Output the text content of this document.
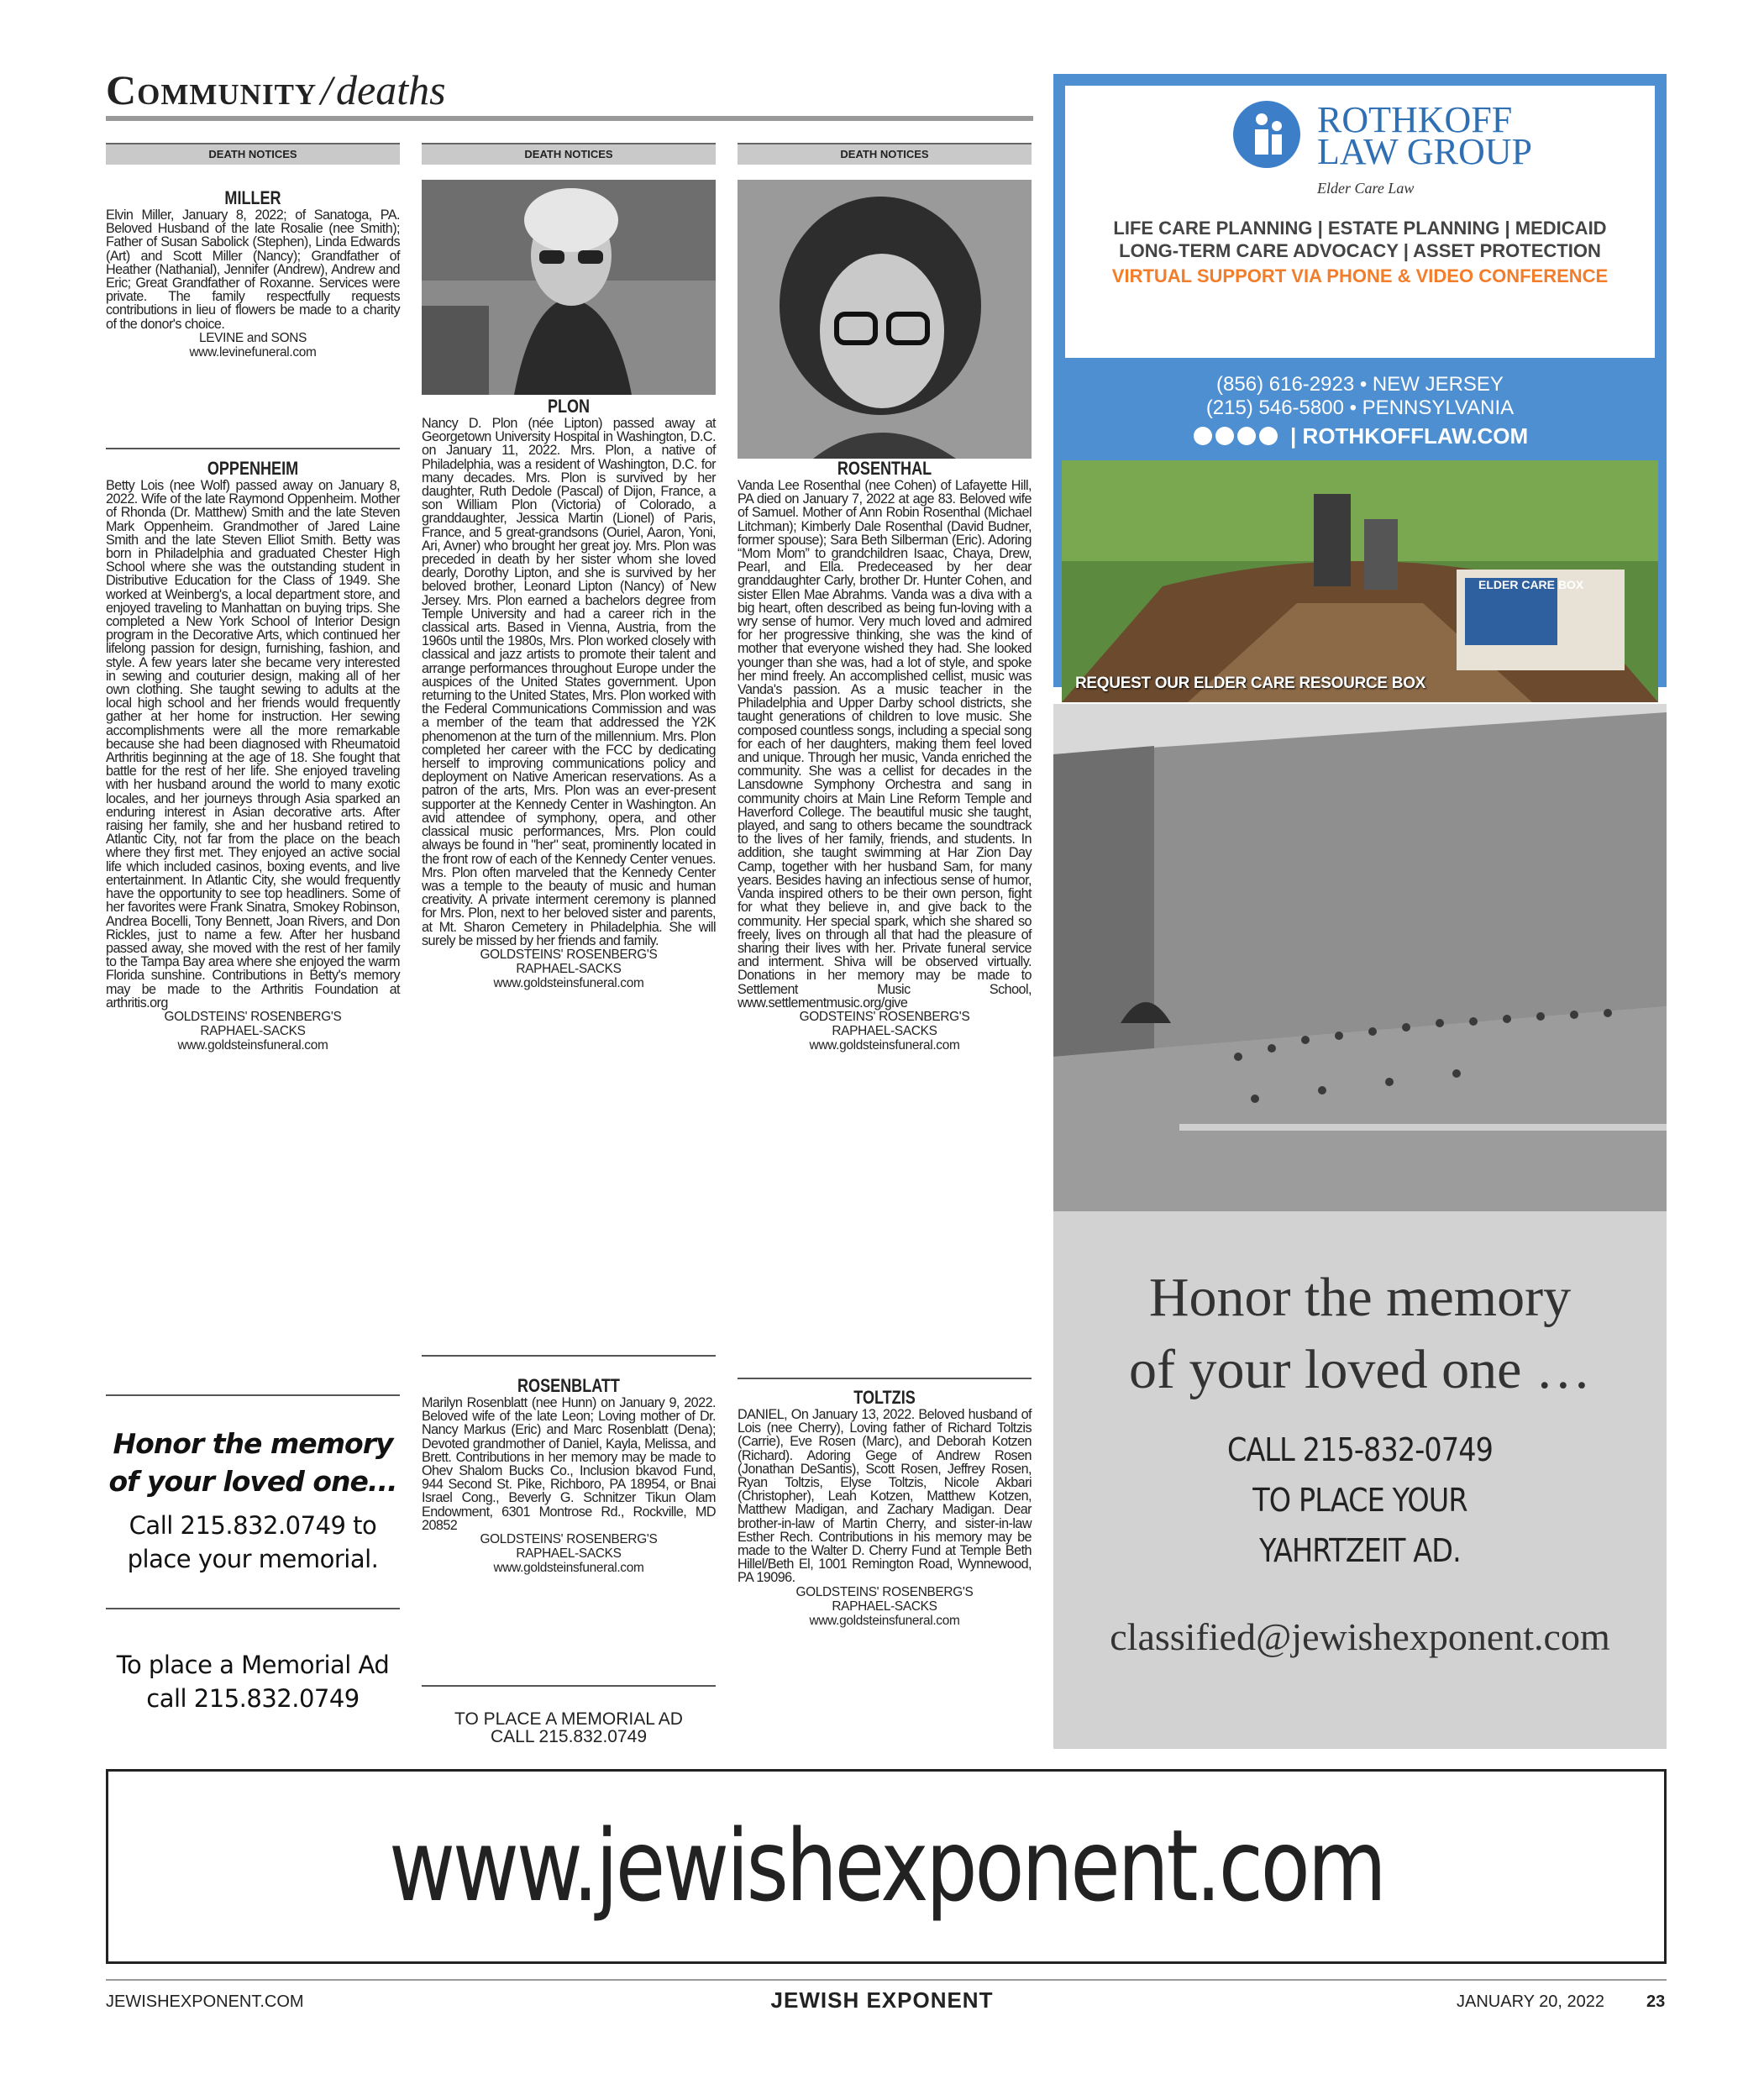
Community / deaths
DEATH NOTICES	DEATH NOTICES	DEATH NOTICES
MILLER
Elvin Miller, January 8, 2022; of Sanatoga, PA. Beloved Husband of the late Rosalie (nee Smith); Father of Susan Sabolick (Stephen), Linda Edwards (Art) and Scott Miller (Nancy); Grandfather of Heather (Nathanial), Jennifer (Andrew), Andrew and Eric; Great Grandfather of Roxanne. Services were private. The family respectfully requests contributions in lieu of flowers be made to a charity of the donor's choice.
LEVINE and SONS
www.levinefuneral.com
OPPENHEIM
Betty Lois (nee Wolf) passed away on January 8, 2022. Wife of the late Raymond Oppenheim. Mother of Rhonda (Dr. Matthew) Smith and the late Steven Mark Oppenheim. Grandmother of Jared Laine Smith and the late Steven Elliot Smith. Betty was born in Philadelphia and graduated Chester High School where she was the outstanding student in Distributive Education for the Class of 1949. She worked at Weinberg's, a local department store, and enjoyed traveling to Manhattan on buying trips. She completed a New York School of Interior Design program in the Decorative Arts, which continued her lifelong passion for design, furnishing, fashion, and style. A few years later she became very interested in sewing and couturier design, making all of her own clothing. She taught sewing to adults at the local high school and her friends would frequently gather at her home for instruction. Her sewing accomplishments were all the more remarkable because she had been diagnosed with Rheumatoid Arthritis beginning at the age of 18. She fought that battle for the rest of her life. She enjoyed traveling with her husband around the world to many exotic locales, and her journeys through Asia sparked an enduring interest in Asian decorative arts. After raising her family, she and her husband retired to Atlantic City, not far from the place on the beach where they first met. They enjoyed an active social life which included casinos, boxing events, and live entertainment. In Atlantic City, she would frequently have the opportunity to see top headliners. Some of her favorites were Frank Sinatra, Smokey Robinson, Andrea Bocelli, Tony Bennett, Joan Rivers, and Don Rickles, just to name a few. After her husband passed away, she moved with the rest of her family to the Tampa Bay area where she enjoyed the warm Florida sunshine. Contributions in Betty's memory may be made to the Arthritis Foundation at arthritis.org
GOLDSTEINS' ROSENBERG'S
RAPHAEL-SACKS
www.goldsteinsfuneral.com
Honor the memory
of your loved one...
Call 215.832.0749 to
place your memorial.
To place a Memorial Ad
call 215.832.0749
PLON
Nancy D. Plon (née Lipton) passed away at Georgetown University Hospital in Washington, D.C. on January 11, 2022. Mrs. Plon, a native of Philadelphia, was a resident of Washington, D.C. for many decades. Mrs. Plon is survived by her daughter, Ruth Dedole (Pascal) of Dijon, France, a son William Plon (Victoria) of Colorado, a granddaughter, Jessica Martin (Lionel) of Paris, France, and 5 great-grandsons (Ouriel, Aaron, Yoni, Ari, Avner) who brought her great joy. Mrs. Plon was preceded in death by her sister whom she loved dearly, Dorothy Lipton, and she is survived by her beloved brother, Leonard Lipton (Nancy) of New Jersey. Mrs. Plon earned a bachelors degree from Temple University and had a career rich in the classical arts. Based in Vienna, Austria, from the 1960s until the 1980s, Mrs. Plon worked closely with classical and jazz artists to promote their talent and arrange performances throughout Europe under the auspices of the United States government. Upon returning to the United States, Mrs. Plon worked with the Federal Communications Commission and was a member of the team that addressed the Y2K phenomenon at the turn of the millennium. Mrs. Plon completed her career with the FCC by dedicating herself to improving communications policy and deployment on Native American reservations. As a patron of the arts, Mrs. Plon was an ever-present supporter at the Kennedy Center in Washington. An avid attendee of symphony, opera, and other classical music performances, Mrs. Plon could always be found in "her" seat, prominently located in the front row of each of the Kennedy Center venues. Mrs. Plon often marveled that the Kennedy Center was a temple to the beauty of music and human creativity. A private interment ceremony is planned for Mrs. Plon, next to her beloved sister and parents, at Mt. Sharon Cemetery in Philadelphia. She will surely be missed by her friends and family.
GOLDSTEINS' ROSENBERG'S
RAPHAEL-SACKS
www.goldsteinsfuneral.com
ROSENBLATT
Marilyn Rosenblatt (nee Hunn) on January 9, 2022. Beloved wife of the late Leon; Loving mother of Dr. Nancy Markus (Eric) and Marc Rosenblatt (Dena); Devoted grandmother of Daniel, Kayla, Melissa, and Brett. Contributions in her memory may be made to Ohev Shalom Bucks Co., Inclusion bkavod Fund, 944 Second St. Pike, Richboro, PA 18954, or Bnai Israel Cong., Beverly G. Schnitzer Tikun Olam Endowment, 6301 Montrose Rd., Rockville, MD 20852
GOLDSTEINS' ROSENBERG'S
RAPHAEL-SACKS
www.goldsteinsfuneral.com
TO PLACE A MEMORIAL AD
CALL 215.832.0749
ROSENTHAL
Vanda Lee Rosenthal (nee Cohen) of Lafayette Hill, PA died on January 7, 2022 at age 83. Beloved wife of Samuel. Mother of Ann Robin Rosenthal (Michael Litchman); Kimberly Dale Rosenthal (David Budner, former spouse); Sara Beth Silberman (Eric). Adoring “Mom Mom” to grandchildren Isaac, Chaya, Drew, Pearl, and Ella. Predeceased by her dear granddaughter Carly, brother Dr. Hunter Cohen, and sister Ellen Mae Abrahms. Vanda was a diva with a big heart, often described as being fun-loving with a wry sense of humor. Very much loved and admired for her progressive thinking, she was the kind of mother that everyone wished they had. She looked younger than she was, had a lot of style, and spoke her mind freely. An accomplished cellist, music was Vanda's passion. As a music teacher in the Philadelphia and Upper Darby school districts, she taught generations of children to love music. She composed countless songs, including a special song for each of her daughters, making them feel loved and unique. Through her music, Vanda enriched the community. She was a cellist for decades in the Lansdowne Symphony Orchestra and sang in community choirs at Main Line Reform Temple and Haverford College. The beautiful music she taught, played, and sang to others became the soundtrack to the lives of her family, friends, and students. In addition, she taught swimming at Har Zion Day Camp, together with her husband Sam, for many years. Besides having an infectious sense of humor, Vanda inspired others to be their own person, fight for what they believe in, and give back to the community. Her special spark, which she shared so freely, lives on through all that had the pleasure of sharing their lives with her. Private funeral service and interment. Shiva will be observed virtually. Donations in her memory may be made to Settlement Music School, www.settlementmusic.org/give
GODSTEINS' ROSENBERG'S
RAPHAEL-SACKS
www.goldsteinsfuneral.com
TOLTZIS
DANIEL, On January 13, 2022. Beloved husband of Lois (nee Cherry), Loving father of Richard Toltzis (Carrie), Eve Rosen (Marc), and Deborah Kotzen (Richard). Adoring Gege of Andrew Rosen (Jonathan DeSantis), Scott Rosen, Jeffrey Rosen, Ryan Toltzis, Elyse Toltzis, Nicole Akbari (Christopher), Leah Kotzen, Matthew Kotzen, Matthew Madigan, and Zachary Madigan. Dear brother-in-law of Martin Cherry, and sister-in-law Esther Rech. Contributions in his memory may be made to the Walter D. Cherry Fund at Temple Beth Hillel/Beth El, 1001 Remington Road, Wynnewood, PA 19096.
GOLDSTEINS' ROSENBERG'S
RAPHAEL-SACKS
www.goldsteinsfuneral.com
ROTHKOFF
LAW GROUP
Elder Care Law
LIFE CARE PLANNING | ESTATE PLANNING | MEDICAID
LONG-TERM CARE ADVOCACY | ASSET PROTECTION
VIRTUAL SUPPORT VIA PHONE & VIDEO CONFERENCE
(856) 616-2923 • NEW JERSEY
(215) 546-5800 • PENNSYLVANIA
| ROTHKOFFLAW.COM
REQUEST OUR ELDER CARE RESOURCE BOX
ELDER CARE BOX
Honor the memory
of your loved one …
CALL 215-832-0749
TO PLACE YOUR
YAHRTZEIT AD.
classified@jewishexponent.com
www.jewishexponent.com
JEWISHEXPONENT.COM	JEWISH EXPONENT	JANUARY 20, 2022 23
